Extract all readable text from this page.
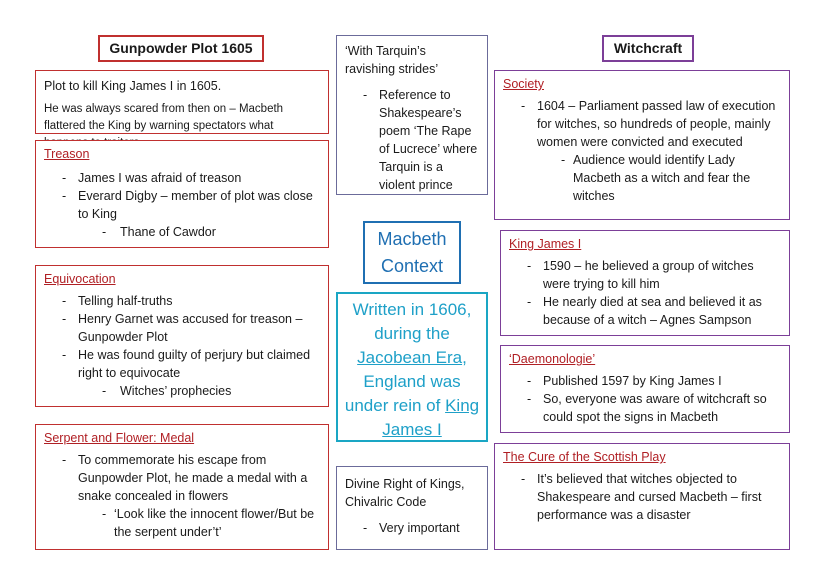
Gunpowder Plot 1605
Plot to kill King James I in 1605.
He was always scared from then on – Macbeth flattered the King by warning spectators what
Treason
- James I was afraid of treason
- Everard Digby – member of plot was close to King
- Thane of Cawdor
Equivocation
- Telling half-truths
- Henry Garnet was accused for treason – Gunpowder Plot
- He was found guilty of perjury but claimed right to equivocate
- Witches’ prophecies
Serpent and Flower: Medal
- To commemorate his escape from Gunpowder Plot, he made a medal with a snake concealed in flowers
- ‘Look like the innocent flower/But be the serpent under’t’
‘With Tarquin’s ravishing strides’
- Reference to Shakespeare’s poem ‘The Rape of Lucrece’ where Tarquin is a violent prince
Macbeth
Context
Written in 1606, during the Jacobean Era, England was under rein of King James I
Divine Right of Kings, Chivalric Code
- Very important
Witchcraft
Society
- 1604 – Parliament passed law of execution for witches, so hundreds of people, mainly women were convicted and executed
- Audience would identify Lady Macbeth as a witch and fear the witches
King James I
- 1590 – he believed a group of witches were trying to kill him
- He nearly died at sea and believed it as because of a witch – Agnes Sampson
‘Daemonologie’
- Published 1597 by King James I
- So, everyone was aware of witchcraft so could spot the signs in Macbeth
The Cure of the Scottish Play
- It’s believed that witches objected to Shakespeare and cursed Macbeth – first performance was a disaster
